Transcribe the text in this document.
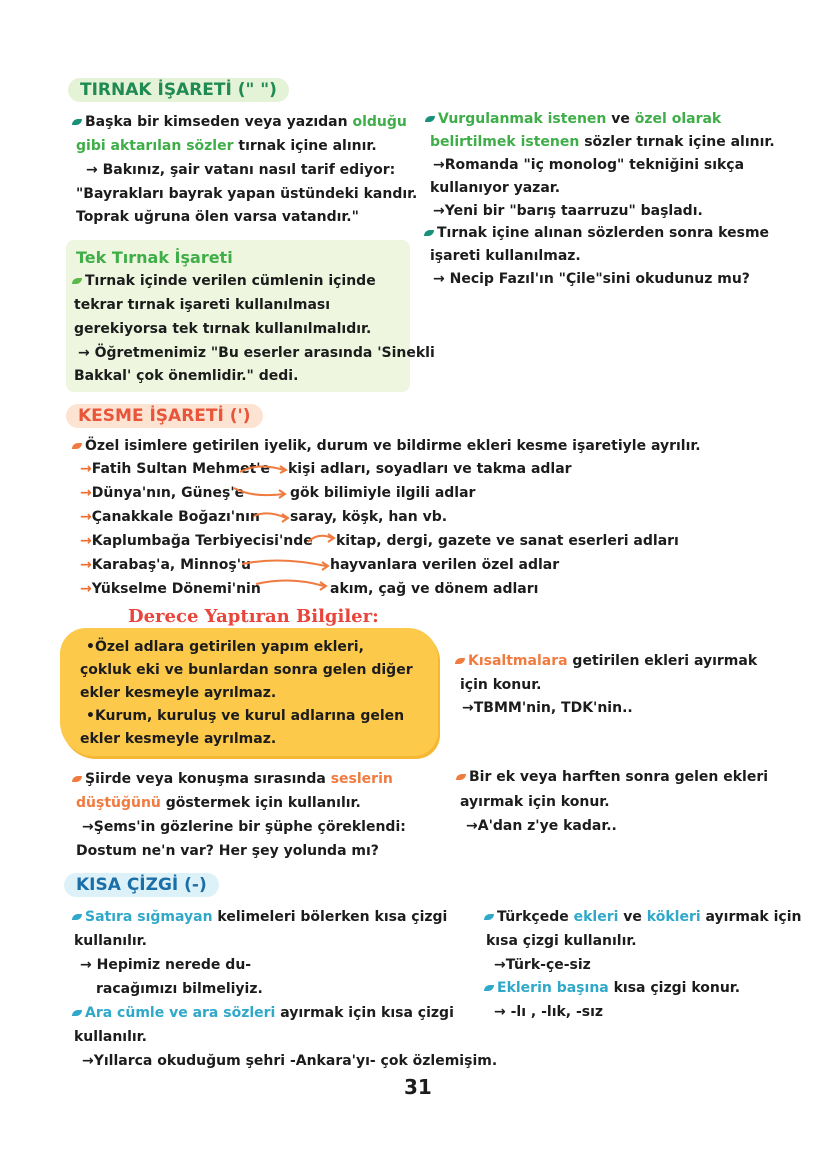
TIRNAK İŞARETİ (" ")
Başka bir kimseden veya yazıdan olduğu
gibi aktarılan sözler tırnak içine alınır.
→ Bakınız, şair vatanı nasıl tarif ediyor:
"Bayrakları bayrak yapan üstündeki kandır.
Toprak uğruna ölen varsa vatandır."
Vurgulanmak istenen ve özel olarak
belirtilmek istenen sözler tırnak içine alınır.
→Romanda "iç monolog" tekniğini sıkça
kullanıyor yazar.
→Yeni bir "barış taarruzu" başladı.
Tırnak içine alınan sözlerden sonra kesme
işareti kullanılmaz.
→ Necip Fazıl'ın "Çile"sini okudunuz mu?
Tek Tırnak İşareti
Tırnak içinde verilen cümlenin içinde
tekrar tırnak işareti kullanılması
gerekiyorsa tek tırnak kullanılmalıdır.
→ Öğretmenimiz "Bu eserler arasında 'Sinekli
Bakkal' çok önemlidir." dedi.
KESME İŞARETİ (')
Özel isimlere getirilen iyelik, durum ve bildirme ekleri kesme işaretiyle ayrılır.
→Fatih Sultan Mehmet'e kişi adları, soyadları ve takma adlar
→Dünya'nın, Güneş'e	gök bilimiyle ilgili adlar
→Çanakkale Boğazı'nın saray, köşk, han vb.
→Kaplumbağa Terbiyecisi'nde kitap, dergi, gazete ve sanat eserleri adları
→Karabaş'a, Minnoş'u	hayvanlara verilen özel adlar
→Yükselme Dönemi'nin	akım, çağ ve dönem adları
Derece Yaptıran Bilgiler:
•Özel adlara getirilen yapım ekleri,
çokluk eki ve bunlardan sonra gelen diğer
ekler kesmeyle ayrılmaz.
•Kurum, kuruluş ve kurul adlarına gelen
ekler kesmeyle ayrılmaz.
Kısaltmalara getirilen ekleri ayırmak
için konur.
→TBMM'nin, TDK'nin..
Şiirde veya konuşma sırasında seslerin
düştüğünü göstermek için kullanılır.
→Şems'in gözlerine bir şüphe çöreklendi:
Dostum ne'n var? Her şey yolunda mı?
Bir ek veya harften sonra gelen ekleri
ayırmak için konur.
→A'dan z'ye kadar..
KISA ÇİZGİ (-)
Satıra sığmayan kelimeleri bölerken kısa çizgi
kullanılır.
→ Hepimiz nerede du-
racağımızı bilmeliyiz.
Ara cümle ve ara sözleri ayırmak için kısa çizgi
kullanılır.
→Yıllarca okuduğum şehri -Ankara'yı- çok özlemişim.
Türkçede ekleri ve kökleri ayırmak için
kısa çizgi kullanılır.
→Türk-çe-siz
Eklerin başına kısa çizgi konur.
→ -lı , -lık, -sız
31
